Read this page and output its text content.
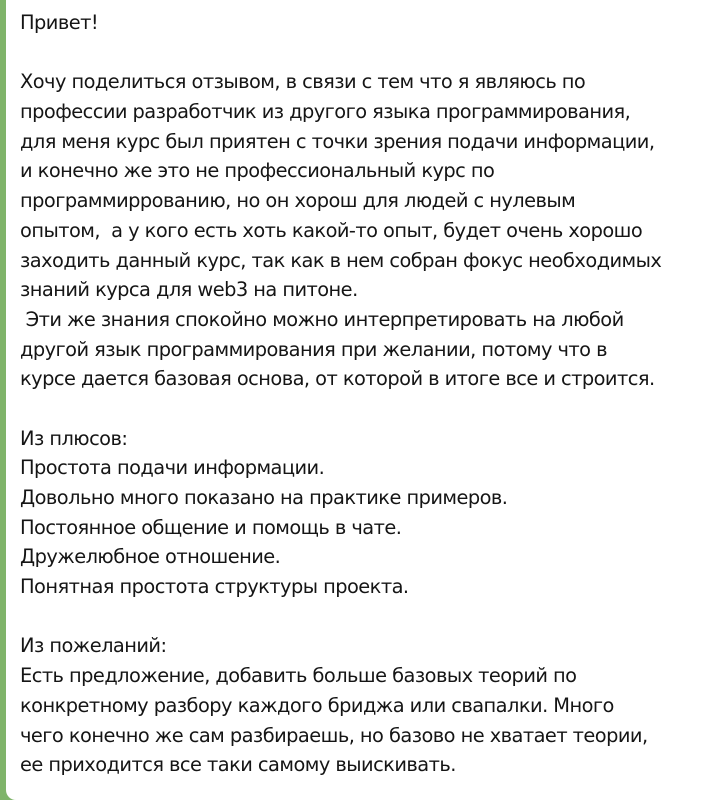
Привет!
Хочу поделиться отзывом, в связи с тем что я являюсь по
профессии разработчик из другого языка программирования,
для меня курс был приятен с точки зрения подачи информации,
и конечно же это не профессиональный курс по
программиррованию, но он хорош для людей с нулевым
опытом,  а у кого есть хоть какой-то опыт, будет очень хорошо
заходить данный курс, так как в нем собран фокус необходимых
знаний курса для web3 на питоне.
Эти же знания спокойно можно интерпретировать на любой
другой язык программирования при желании, потому что в
курсе дается базовая основа, от которой в итоге все и строится.
Из плюсов:
Простота подачи информации.
Довольно много показано на практике примеров.
Постоянное общение и помощь в чате.
Дружелюбное отношение.
Понятная простота структуры проекта.
Из пожеланий:
Есть предложение, добавить больше базовых теорий по
конкретному разбору каждого бриджа или свапалки. Много
чего конечно же сам разбираешь, но базово не хватает теории,
ее приходится все таки самому выискивать.
